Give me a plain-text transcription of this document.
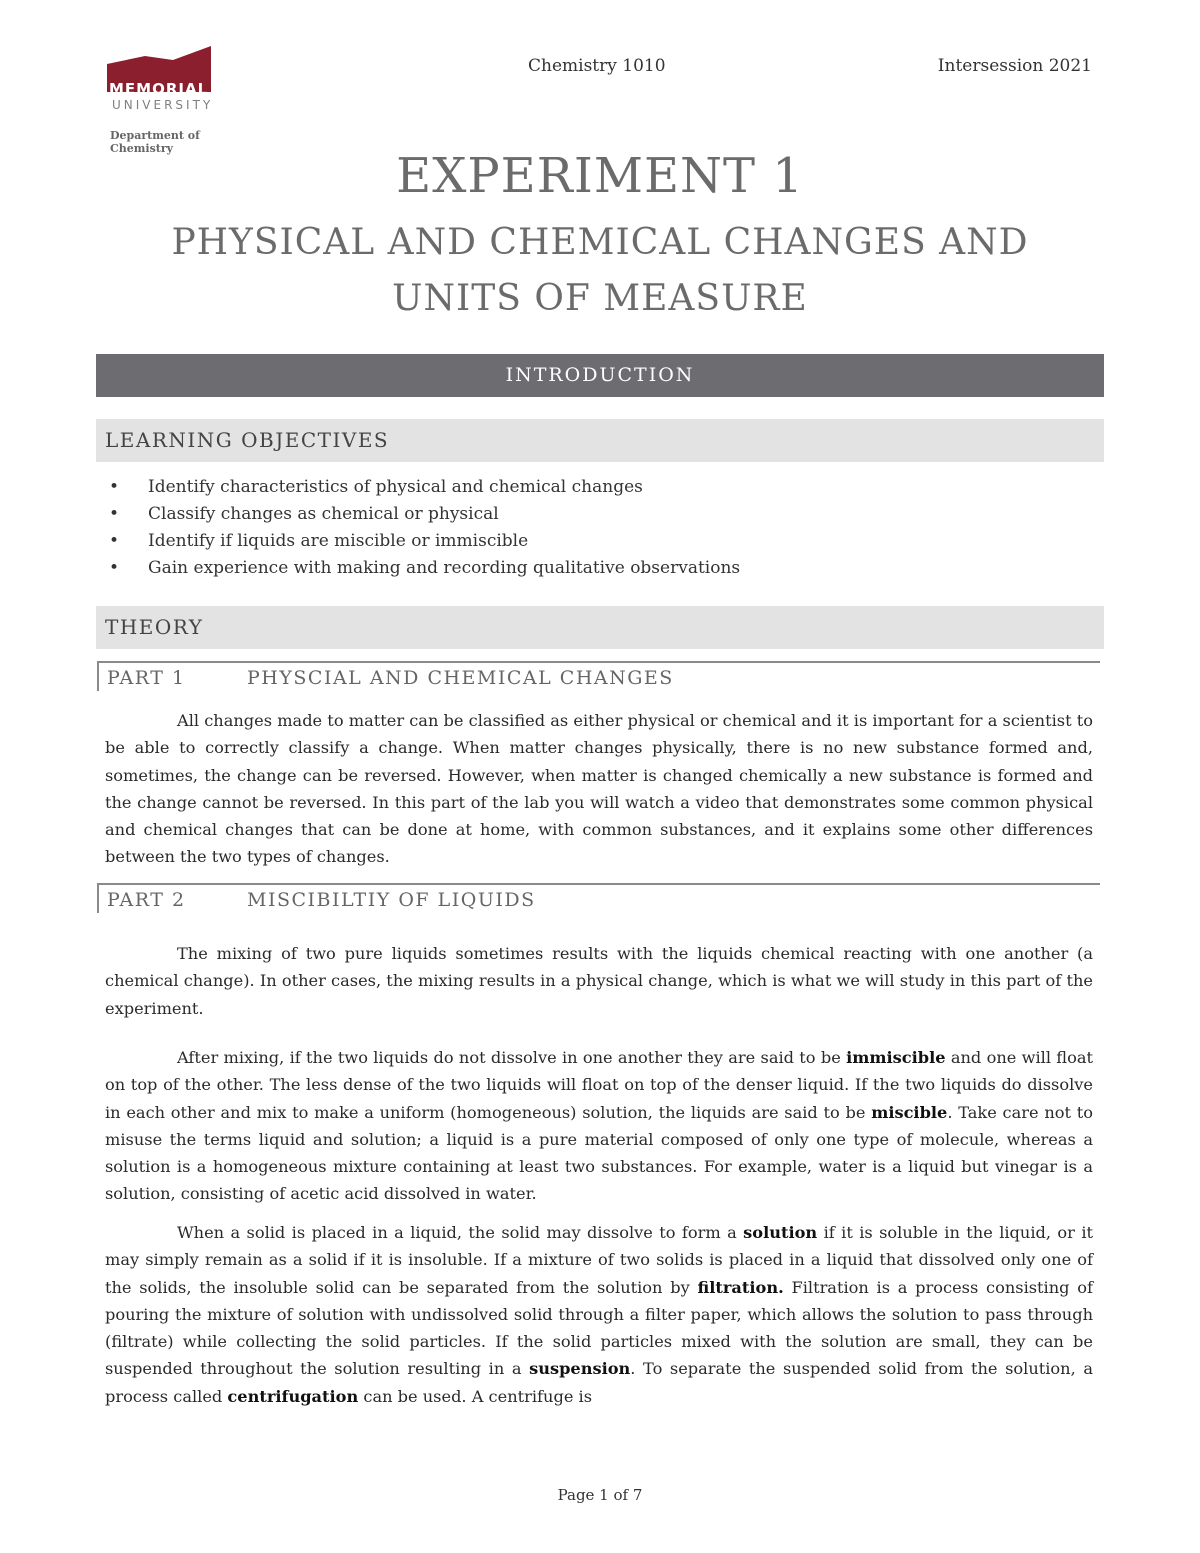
MEMORIAL
UNIVERSITY
Department of Chemistry
Chemistry 1010	Intersession 2021
EXPERIMENT 1
PHYSICAL AND CHEMICAL CHANGES AND
UNITS OF MEASURE
INTRODUCTION
LEARNING OBJECTIVES
• Identify characteristics of physical and chemical changes
• Classify changes as chemical or physical
• Identify if liquids are miscible or immiscible
• Gain experience with making and recording qualitative observations
THEORY
PART 1	PHYSCIAL AND CHEMICAL CHANGES

All changes made to matter can be classified as either physical or chemical and it is important for a scientist to be able to correctly classify a change. When matter changes physically, there is no new substance formed and, sometimes, the change can be reversed. However, when matter is changed chemically a new substance is formed and the change cannot be reversed. In this part of the lab you will watch a video that demonstrates some common physical and chemical changes that can be done at home, with common substances, and it explains some other differences between the two types of changes.

PART 2	MISCIBILTIY OF LIQUIDS

The mixing of two pure liquids sometimes results with the liquids chemical reacting with one another (a chemical change). In other cases, the mixing results in a physical change, which is what we will study in this part of the experiment.

After mixing, if the two liquids do not dissolve in one another they are said to be immiscible and one will float on top of the other. The less dense of the two liquids will float on top of the denser liquid. If the two liquids do dissolve in each other and mix to make a uniform (homogeneous) solution, the liquids are said to be miscible. Take care not to misuse the terms liquid and solution; a liquid is a pure material composed of only one type of molecule, whereas a solution is a homogeneous mixture containing at least two substances. For example, water is a liquid but vinegar is a solution, consisting of acetic acid dissolved in water.

When a solid is placed in a liquid, the solid may dissolve to form a solution if it is soluble in the liquid, or it may simply remain as a solid if it is insoluble. If a mixture of two solids is placed in a liquid that dissolved only one of the solids, the insoluble solid can be separated from the solution by filtration. Filtration is a process consisting of pouring the mixture of solution with undissolved solid through a filter paper, which allows the solution to pass through (filtrate) while collecting the solid particles. If the solid particles mixed with the solution are small, they can be suspended throughout the solution resulting in a suspension. To separate the suspended solid from the solution, a process called centrifugation can be used. A centrifuge is

Page 1 of 7
